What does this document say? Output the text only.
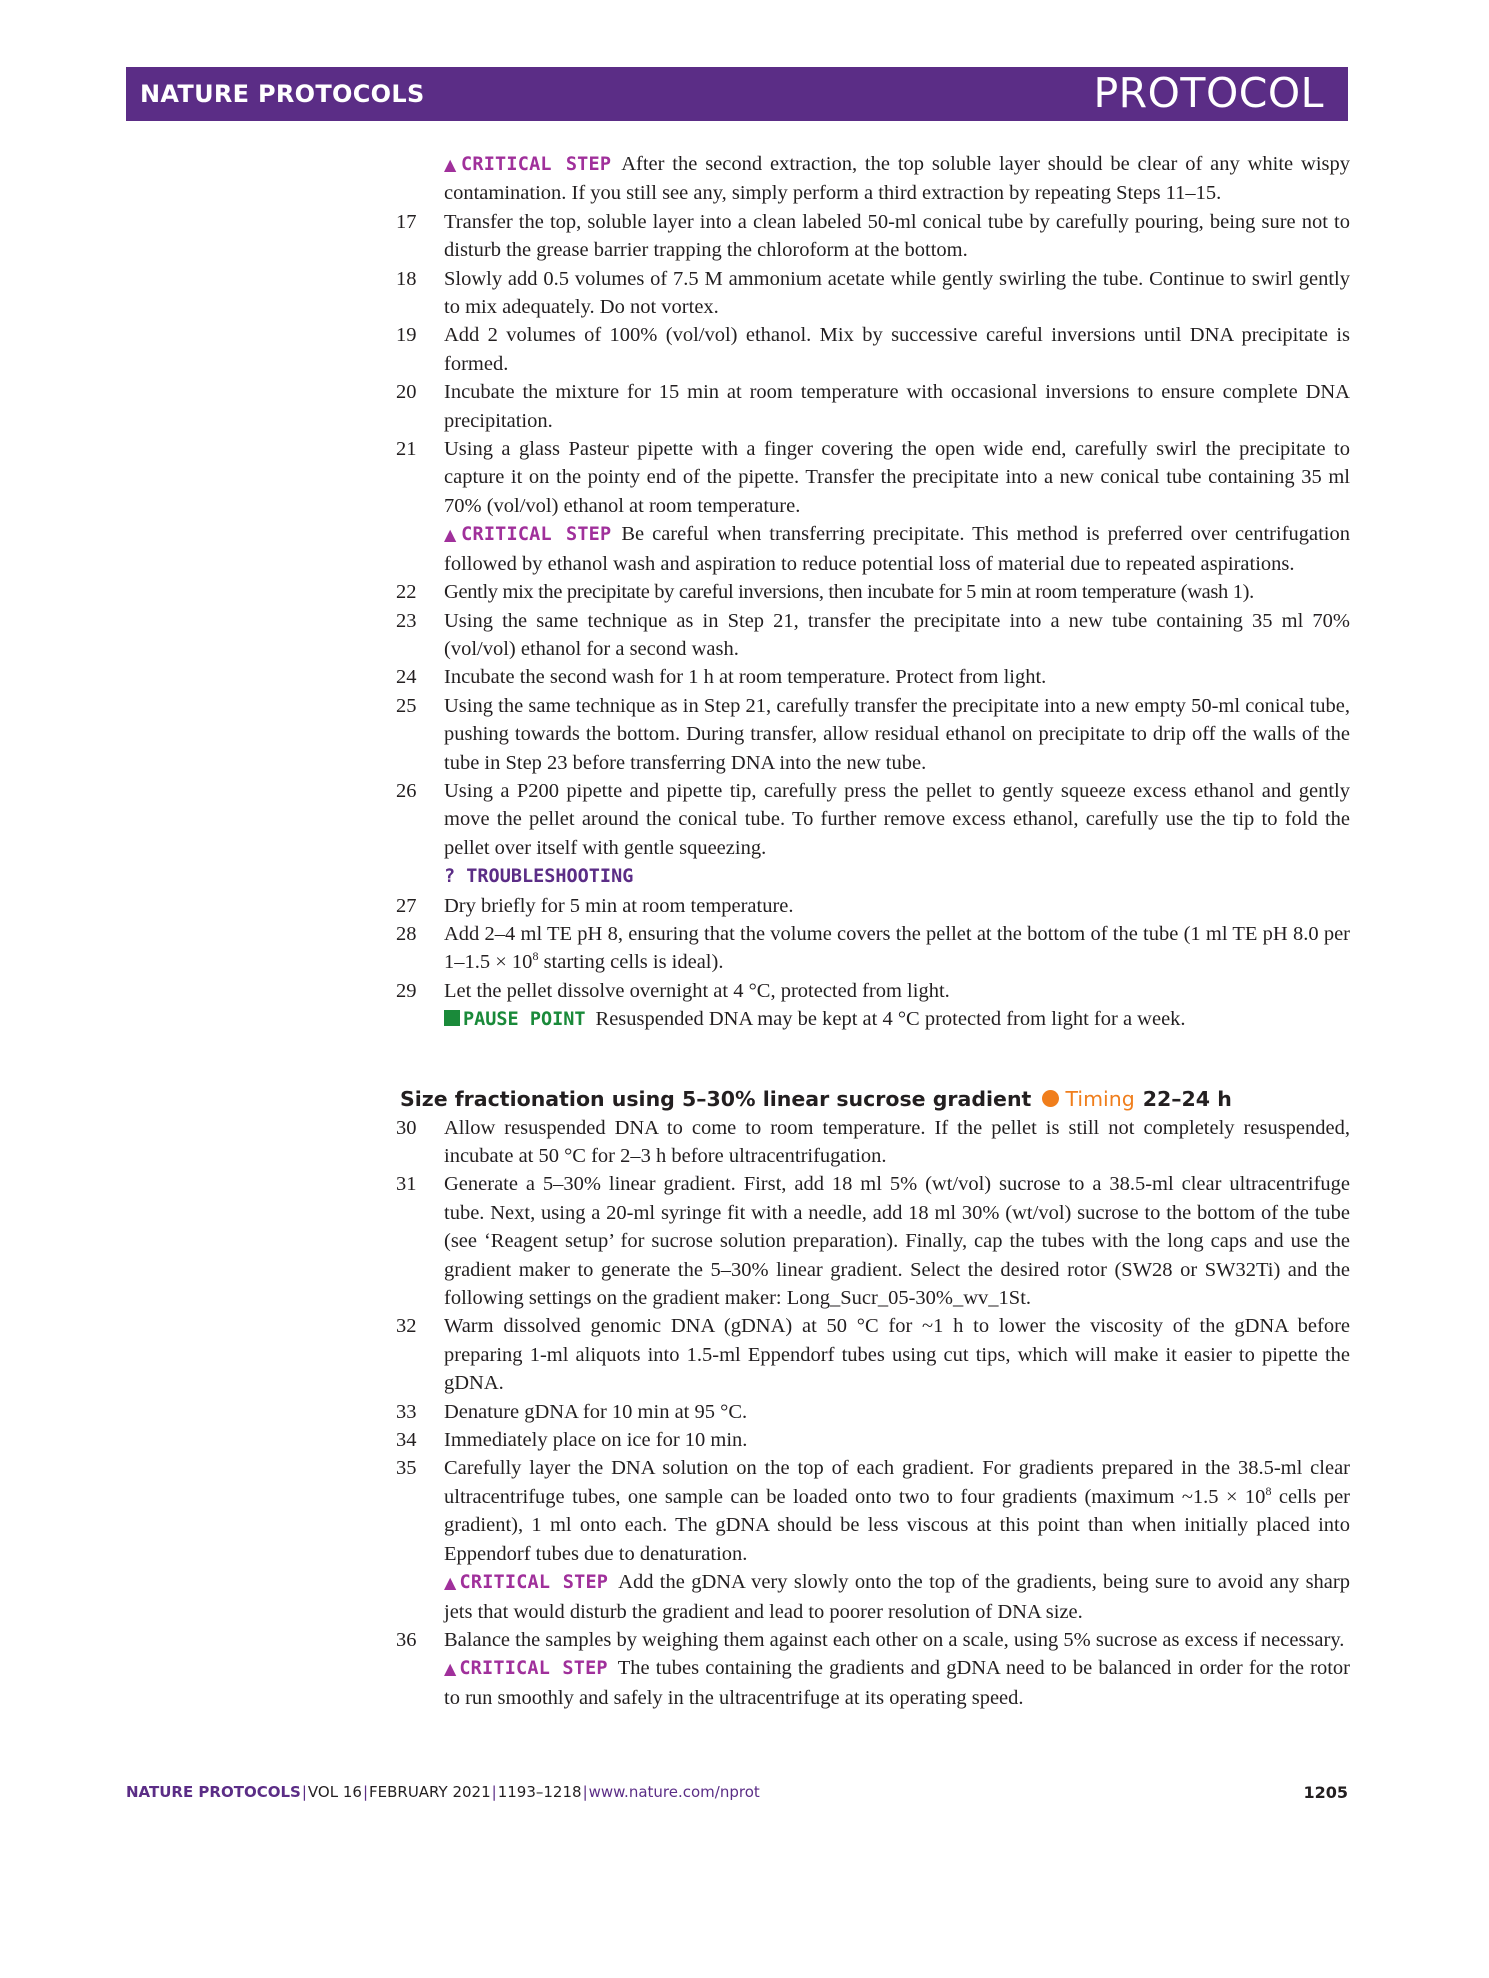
NATURE PROTOCOLS	PROTOCOL
▲ CRITICAL STEP After the second extraction, the top soluble layer should be clear of any white wispy contamination. If you still see any, simply perform a third extraction by repeating Steps 11–15.
17 Transfer the top, soluble layer into a clean labeled 50-ml conical tube by carefully pouring, being sure not to disturb the grease barrier trapping the chloroform at the bottom.
18 Slowly add 0.5 volumes of 7.5 M ammonium acetate while gently swirling the tube. Continue to swirl gently to mix adequately. Do not vortex.
19 Add 2 volumes of 100% (vol/vol) ethanol. Mix by successive careful inversions until DNA precipitate is formed.
20 Incubate the mixture for 15 min at room temperature with occasional inversions to ensure complete DNA precipitation.
21 Using a glass Pasteur pipette with a finger covering the open wide end, carefully swirl the precipitate to capture it on the pointy end of the pipette. Transfer the precipitate into a new conical tube containing 35 ml 70% (vol/vol) ethanol at room temperature.
▲ CRITICAL STEP Be careful when transferring precipitate. This method is preferred over centrifugation followed by ethanol wash and aspiration to reduce potential loss of material due to repeated aspirations.
22 Gently mix the precipitate by careful inversions, then incubate for 5 min at room temperature (wash 1).
23 Using the same technique as in Step 21, transfer the precipitate into a new tube containing 35 ml 70% (vol/vol) ethanol for a second wash.
24 Incubate the second wash for 1 h at room temperature. Protect from light.
25 Using the same technique as in Step 21, carefully transfer the precipitate into a new empty 50-ml conical tube, pushing towards the bottom. During transfer, allow residual ethanol on precipitate to drip off the walls of the tube in Step 23 before transferring DNA into the new tube.
26 Using a P200 pipette and pipette tip, carefully press the pellet to gently squeeze excess ethanol and gently move the pellet around the conical tube. To further remove excess ethanol, carefully use the tip to fold the pellet over itself with gentle squeezing.
? TROUBLESHOOTING
27 Dry briefly for 5 min at room temperature.
28 Add 2–4 ml TE pH 8, ensuring that the volume covers the pellet at the bottom of the tube (1 ml TE pH 8.0 per $1-1.5 \times 10^8$ starting cells is ideal).
29 Let the pellet dissolve overnight at 4 °C, protected from light.
PAUSE POINT Resuspended DNA may be kept at 4 °C protected from light for a week.
Size fractionation using 5–30% linear sucrose gradient Timing 22–24 h
30 Allow resuspended DNA to come to room temperature. If the pellet is still not completely resuspended, incubate at 50 °C for 2–3 h before ultracentrifugation.
31 Generate a 5–30% linear gradient. First, add 18 ml 5% (wt/vol) sucrose to a 38.5-ml clear ultracentrifuge tube. Next, using a 20-ml syringe fit with a needle, add 18 ml 30% (wt/vol) sucrose to the bottom of the tube (see ‘Reagent setup’ for sucrose solution preparation). Finally, cap the tubes with the long caps and use the gradient maker to generate the 5–30% linear gradient. Select the desired rotor (SW28 or SW32Ti) and the following settings on the gradient maker: Long_Sucr_05-30%_wv_1St.
32 Warm dissolved genomic DNA (gDNA) at 50 °C for ~1 h to lower the viscosity of the gDNA before preparing 1-ml aliquots into 1.5-ml Eppendorf tubes using cut tips, which will make it easier to pipette the gDNA.
33 Denature gDNA for 10 min at 95 °C.
34 Immediately place on ice for 10 min.
35 Carefully layer the DNA solution on the top of each gradient. For gradients prepared in the 38.5-ml clear ultracentrifuge tubes, one sample can be loaded onto two to four gradients (maximum ~1.5 × $10^8$ cells per gradient), 1 ml onto each. The gDNA should be less viscous at this point than when initially placed into Eppendorf tubes due to denaturation.
▲ CRITICAL STEP Add the gDNA very slowly onto the top of the gradients, being sure to avoid any sharp jets that would disturb the gradient and lead to poorer resolution of DNA size.
36 Balance the samples by weighing them against each other on a scale, using 5% sucrose as excess if necessary.
▲ CRITICAL STEP The tubes containing the gradients and gDNA need to be balanced in order for the rotor to run smoothly and safely in the ultracentrifuge at its operating speed.
NATURE PROTOCOLS|VOL 16|FEBRUARY 2021|1193–1218|www.nature.com/nprot	1205
